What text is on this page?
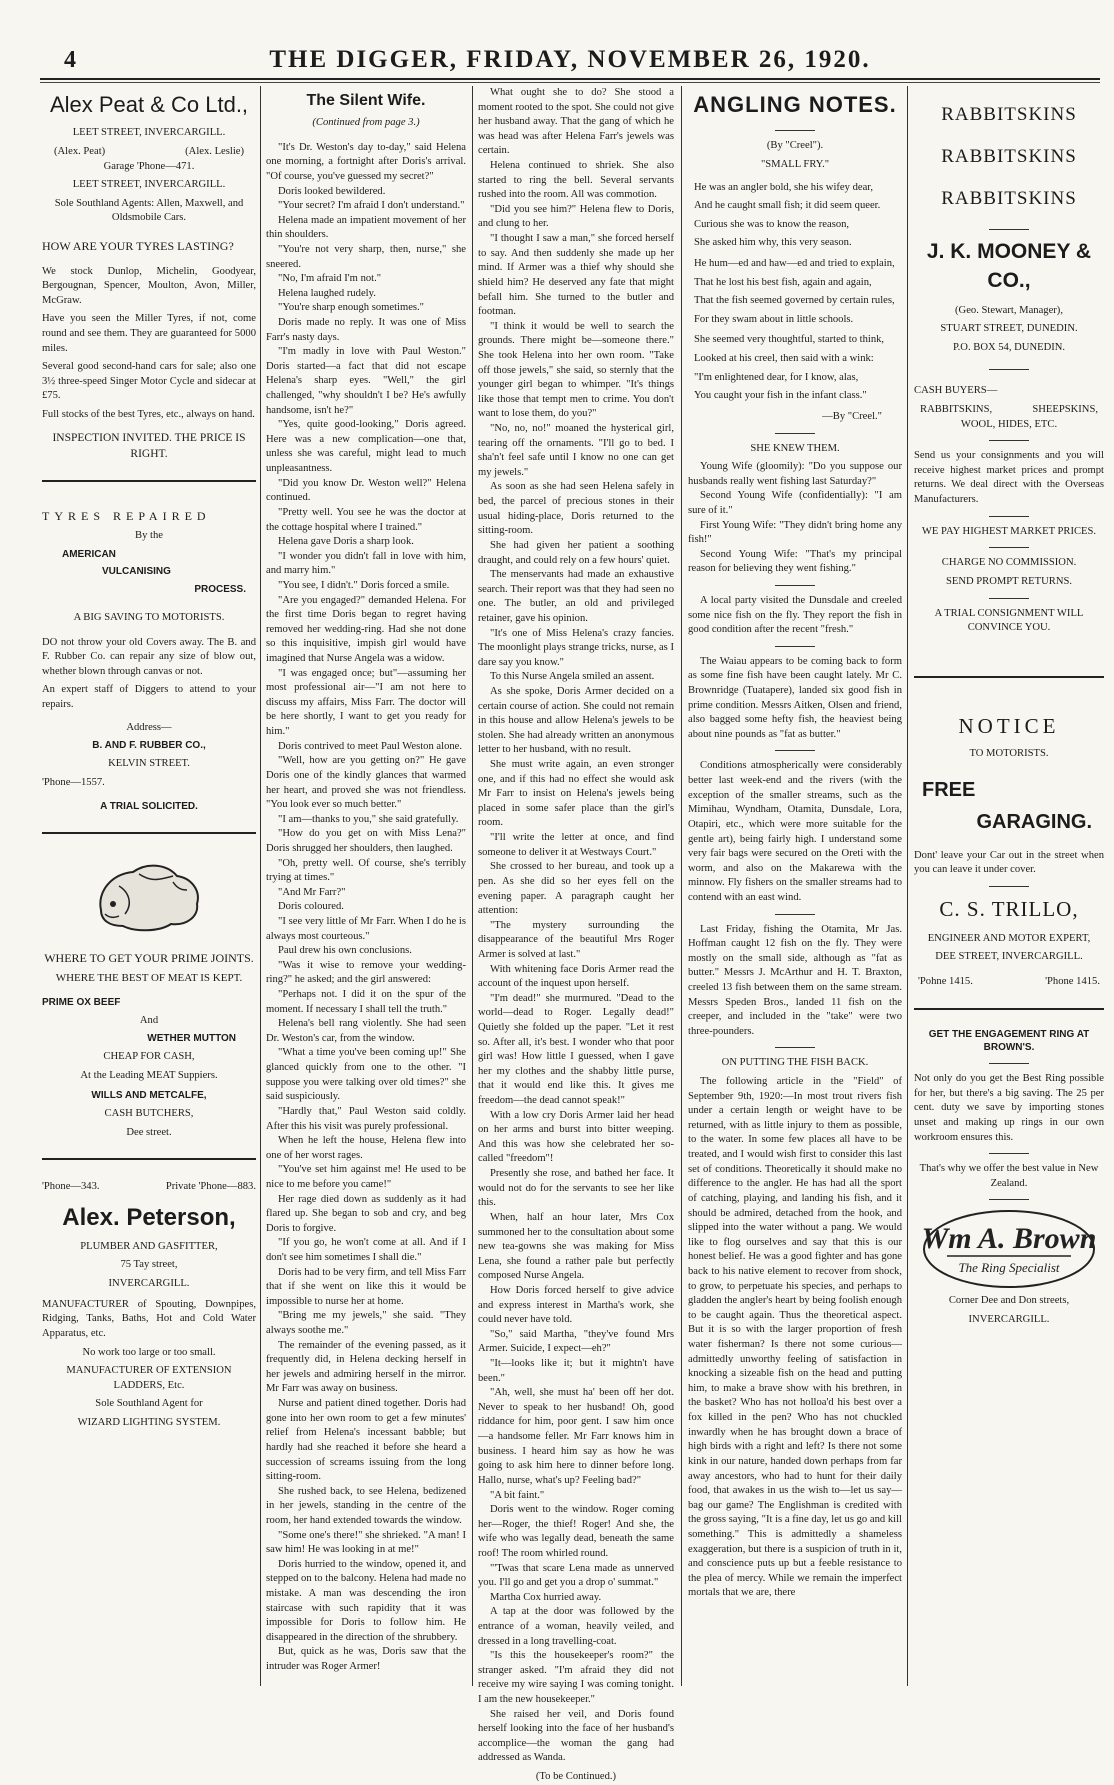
4	THE DIGGER, FRIDAY, NOVEMBER 26, 1920.
Alex Peat & Co Ltd.,

LEET STREET, INVERCARGILL.

(Alex. Peat)	(Alex. Leslie)

Garage 'Phone—471.

LEET STREET, INVERCARGILL.

Sole Southland Agents: Allen, Maxwell, and Oldsmobile Cars.

HOW ARE YOUR TYRES LASTING?

We stock Dunlop, Michelin, Goodyear, Bergougnan, Spencer, Moulton, Avon, Miller, McGraw.

Have you seen the Miller Tyres, if not, come round and see them. They are guaranteed for 5000 miles.

Several good second-hand cars for sale; also one 3½ three-speed Singer Motor Cycle and sidecar at £75.

Full stocks of the best Tyres, etc., always on hand.

INSPECTION INVITED. THE PRICE IS RIGHT.

TYRES REPAIRED

By the

AMERICAN

VULCANISING

PROCESS.

A BIG SAVING TO MOTORISTS.

DO not throw your old Covers away. The B. and F. Rubber Co. can repair any size of blow out, whether blown through canvas or not.

An expert staff of Diggers to attend to your repairs.

Address—

B. AND F. RUBBER CO.,

KELVIN STREET.

'Phone—1557.

A TRIAL SOLICITED.

WHERE TO GET YOUR PRIME JOINTS.

WHERE THE BEST OF MEAT IS KEPT.

PRIME OX BEEF

And

WETHER MUTTON

CHEAP FOR CASH,

At the Leading MEAT Suppiers.

WILLS AND METCALFE,

CASH BUTCHERS,

Dee street.

'Phone—343.	Private 'Phone—883.
Alex. Peterson,

PLUMBER AND GASFITTER,

75 Tay street,

INVERCARGILL.

MANUFACTURER of Spouting, Downpipes, Ridging, Tanks, Baths, Hot and Cold Water Apparatus, etc.

No work too large or too small.

MANUFACTURER OF EXTENSION LADDERS, Etc.

Sole Southland Agent for

WIZARD LIGHTING SYSTEM.

The Silent Wife.

(Continued from page 3.)

"It's Dr. Weston's day to-day," said Helena one morning, a fortnight after Doris's arrival. "Of course, you've guessed my secret?"

Doris looked bewildered.

"Your secret? I'm afraid I don't understand."

Helena made an impatient movement of her thin shoulders.

"You're not very sharp, then, nurse," she sneered.

"No, I'm afraid I'm not."

Helena laughed rudely.

"You're sharp enough sometimes."

Doris made no reply. It was one of Miss Farr's nasty days.

"I'm madly in love with Paul Weston." Doris started—a fact that did not escape Helena's sharp eyes. "Well," the girl challenged, "why shouldn't I be? He's awfully handsome, isn't he?"

"Yes, quite good-looking," Doris agreed. Here was a new complication—one that, unless she was careful, might lead to much unpleasantness.

"Did you know Dr. Weston well?" Helena continued.

"Pretty well. You see he was the doctor at the cottage hospital where I trained."

Helena gave Doris a sharp look.

"I wonder you didn't fall in love with him, and marry him."

"You see, I didn't." Doris forced a smile.

"Are you engaged?" demanded Helena. For the first time Doris began to regret having removed her wedding-ring. Had she not done so this inquisitive, impish girl would have imagined that Nurse Angela was a widow.

"I was engaged once; but"—assuming her most professional air—"I am not here to discuss my affairs, Miss Farr. The doctor will be here shortly, I want to get you ready for him."

Doris contrived to meet Paul Weston alone.

"Well, how are you getting on?" He gave Doris one of the kindly glances that warmed her heart, and proved she was not friendless. "You look ever so much better."

"I am—thanks to you," she said gratefully.

"How do you get on with Miss Lena?" Doris shrugged her shoulders, then laughed.

"Oh, pretty well. Of course, she's terribly trying at times."

"And Mr Farr?"

Doris coloured.

"I see very little of Mr Farr. When I do he is always most courteous."

Paul drew his own conclusions.

"Was it wise to remove your wedding-ring?" he asked; and the girl answered:

"Perhaps not. I did it on the spur of the moment. If necessary I shall tell the truth."

Helena's bell rang violently. She had seen Dr. Weston's car, from the window.

"What a time you've been coming up!" She glanced quickly from one to the other. "I suppose you were talking over old times?" she said suspiciously.

"Hardly that," Paul Weston said coldly. After this his visit was purely professional.

When he left the house, Helena flew into one of her worst rages.

"You've set him against me! He used to be nice to me before you came!"

Her rage died down as suddenly as it had flared up. She began to sob and cry, and beg Doris to forgive.

"If you go, he won't come at all. And if I don't see him sometimes I shall die."

Doris had to be very firm, and tell Miss Farr that if she went on like this it would be impossible to nurse her at home.

"Bring me my jewels," she said. "They always soothe me."

The remainder of the evening passed, as it frequently did, in Helena decking herself in her jewels and admiring herself in the mirror. Mr Farr was away on business.

Nurse and patient dined together. Doris had gone into her own room to get a few minutes' relief from Helena's incessant babble; but hardly had she reached it before she heard a succession of screams issuing from the long sitting-room.

She rushed back, to see Helena, bedizened in her jewels, standing in the centre of the room, her hand extended towards the window.

"Some one's there!" she shrieked. "A man! I saw him! He was looking in at me!"

Doris hurried to the window, opened it, and stepped on to the balcony. Helena had made no mistake. A man was descending the iron staircase with such rapidity that it was impossible for Doris to follow him. He disappeared in the direction of the shrubbery.

But, quick as he was, Doris saw that the intruder was Roger Armer!

What ought she to do? She stood a moment rooted to the spot. She could not give her husband away. That the gang of which he was head was after Helena Farr's jewels was certain.

Helena continued to shriek. She also started to ring the bell. Several servants rushed into the room. All was commotion.

"Did you see him?" Helena flew to Doris, and clung to her.

"I thought I saw a man," she forced herself to say. And then suddenly she made up her mind. If Armer was a thief why should she shield him? He deserved any fate that might befall him. She turned to the butler and footman.

"I think it would be well to search the grounds. There might be—someone there." She took Helena into her own room. "Take off those jewels," she said, so sternly that the younger girl began to whimper. "It's things like those that tempt men to crime. You don't want to lose them, do you?"

"No, no, no!" moaned the hysterical girl, tearing off the ornaments. "I'll go to bed. I sha'n't feel safe until I know no one can get my jewels."

As soon as she had seen Helena safely in bed, the parcel of precious stones in their usual hiding-place, Doris returned to the sitting-room.

She had given her patient a soothing draught, and could rely on a few hours' quiet.

The menservants had made an exhaustive search. Their report was that they had seen no one. The butler, an old and privileged retainer, gave his opinion.

"It's one of Miss Helena's crazy fancies. The moonlight plays strange tricks, nurse, as I dare say you know."

To this Nurse Angela smiled an assent.

As she spoke, Doris Armer decided on a certain course of action. She could not remain in this house and allow Helena's jewels to be stolen. She had already written an anonymous letter to her husband, with no result.

She must write again, an even stronger one, and if this had no effect she would ask Mr Farr to insist on Helena's jewels being placed in some safer place than the girl's room.

"I'll write the letter at once, and find someone to deliver it at Westways Court."

She crossed to her bureau, and took up a pen. As she did so her eyes fell on the evening paper. A paragraph caught her attention:

"The mystery surrounding the disappearance of the beautiful Mrs Roger Armer is solved at last."

With whitening face Doris Armer read the account of the inquest upon herself.

"I'm dead!" she murmured. "Dead to the world—dead to Roger. Legally dead!" Quietly she folded up the paper. "Let it rest so. After all, it's best. I wonder who that poor girl was! How little I guessed, when I gave her my clothes and the shabby little purse, that it would end like this. It gives me freedom—the dead cannot speak!"

With a low cry Doris Armer laid her head on her arms and burst into bitter weeping. And this was how she celebrated her so-called "freedom"!

Presently she rose, and bathed her face. It would not do for the servants to see her like this.

When, half an hour later, Mrs Cox summoned her to the consultation about some new tea-gowns she was making for Miss Lena, she found a rather pale but perfectly composed Nurse Angela.

How Doris forced herself to give advice and express interest in Martha's work, she could never have told.

"So," said Martha, "they've found Mrs Armer. Suicide, I expect—eh?"

"It—looks like it; but it mightn't have been."

"Ah, well, she must ha' been off her dot. Never to speak to her husband! Oh, good riddance for him, poor gent. I saw him once—a handsome feller. Mr Farr knows him in business. I heard him say as how he was going to ask him here to dinner before long. Hallo, nurse, what's up? Feeling bad?"

"A bit faint."

Doris went to the window. Roger coming her—Roger, the thief! Roger! And she, the wife who was legally dead, beneath the same roof! The room whirled round.

"'Twas that scare Lena made as unnerved you. I'll go and get you a drop o' summat."

Martha Cox hurried away.

A tap at the door was followed by the entrance of a woman, heavily veiled, and dressed in a long travelling-coat.

"Is this the housekeeper's room?" the stranger asked. "I'm afraid they did not receive my wire saying I was coming tonight. I am the new housekeeper."

She raised her veil, and Doris found herself looking into the face of her husband's accomplice—the woman the gang had addressed as Wanda.

(To be Continued.)

ANGLING NOTES.

(By "Creel").

"SMALL FRY."

He was an angler bold, she his wifey dear,

And he caught small fish; it did seem queer.

Curious she was to know the reason,

She asked him why, this very season.

He hum—ed and haw—ed and tried to explain,

That he lost his best fish, again and again,

That the fish seemed governed by certain rules,

For they swam about in little schools.

She seemed very thoughtful, started to think,

Looked at his creel, then said with a wink:

"I'm enlightened dear, for I know, alas,

You caught your fish in the infant class."

—By "Creel."

SHE KNEW THEM.

Young Wife (gloomily): "Do you suppose our husbands really went fishing last Saturday?"

Second Young Wife (confidentially): "I am sure of it."

First Young Wife: "They didn't bring home any fish!"

Second Young Wife: "That's my principal reason for believing they went fishing."

A local party visited the Dunsdale and creeled some nice fish on the fly. They report the fish in good condition after the recent "fresh."

The Waiau appears to be coming back to form as some fine fish have been caught lately. Mr C. Brownridge (Tuatapere), landed six good fish in prime condition. Messrs Aitken, Olsen and friend, also bagged some hefty fish, the heaviest being about nine pounds as "fat as butter."

Conditions atmospherically were considerably better last week-end and the rivers (with the exception of the smaller streams, such as the Mimihau, Wyndham, Otamita, Dunsdale, Lora, Otapiri, etc., which were more suitable for the gentle art), being fairly high. I understand some very fair bags were secured on the Oreti with the worm, and also on the Makarewa with the minnow. Fly fishers on the smaller streams had to contend with an east wind.

Last Friday, fishing the Otamita, Mr Jas. Hoffman caught 12 fish on the fly. They were mostly on the small side, although as "fat as butter." Messrs J. McArthur and H. T. Braxton, creeled 13 fish between them on the same stream. Messrs Speden Bros., landed 11 fish on the creeper, and included in the "take" were two three-pounders.

ON PUTTING THE FISH BACK.

The following article in the "Field" of September 9th, 1920:—In most trout rivers fish under a certain length or weight have to be returned, with as little injury to them as possible, to the water. In some few places all have to be treated, and I would wish first to consider this last set of conditions. Theoretically it should make no difference to the angler. He has had all the sport of catching, playing, and landing his fish, and it should be admired, detached from the hook, and slipped into the water without a pang. We would like to flog ourselves and say that this is our honest belief. He was a good fighter and has gone back to his native element to recover from shock, to grow, to perpetuate his species, and perhaps to gladden the angler's heart by being foolish enough to be caught again. Thus the theoretical aspect. But it is so with the larger proportion of fresh water fisherman? Is there not some curious—admittedly unworthy feeling of satisfaction in knocking a sizeable fish on the head and putting him, to make a brave show with his brethren, in the basket? Who has not holloa'd his best over a fox killed in the pen? Who has not chuckled inwardly when he has brought down a brace of high birds with a right and left? Is there not some kink in our nature, handed down perhaps from far away ancestors, who had to hunt for their daily food, that awakes in us the wish to—let us say—bag our game? The Englishman is credited with the gross saying, "It is a fine day, let us go and kill something." This is admittedly a shameless exaggeration, but there is a suspicion of truth in it, and conscience puts up but a feeble resistance to the plea of mercy. While we remain the imperfect mortals that we are, there

RABBITSKINS
RABBITSKINS
RABBITSKINS
J. K. MOONEY & CO.,

(Geo. Stewart, Manager),

STUART STREET, DUNEDIN.

P.O. BOX 54, DUNEDIN.

CASH BUYERS—

RABBITSKINS,	SHEEPSKINS,

WOOL, HIDES, ETC.

Send us your consignments and you will receive highest market prices and prompt returns. We deal direct with the Overseas Manufacturers.

WE PAY HIGHEST MARKET PRICES.

CHARGE NO COMMISSION.

SEND PROMPT RETURNS.

A TRIAL CONSIGNMENT WILL CONVINCE YOU.

NOTICE

TO MOTORISTS.

FREE
GARAGING.

Dont' leave your Car out in the street when you can leave it under cover.

C. S. TRILLO,

ENGINEER AND MOTOR EXPERT,

DEE STREET, INVERCARGILL.

'Pohne 1415.	'Phone 1415.

GET THE ENGAGEMENT RING AT BROWN'S.

Not only do you get the Best Ring possible for her, but there's a big saving. The 25 per cent. duty we save by importing stones unset and making up rings in our own workroom ensures this.

That's why we offer the best value in New Zealand.

Wm A. Brown
The Ring Specialist

Corner Dee and Don streets,

INVERCARGILL.
